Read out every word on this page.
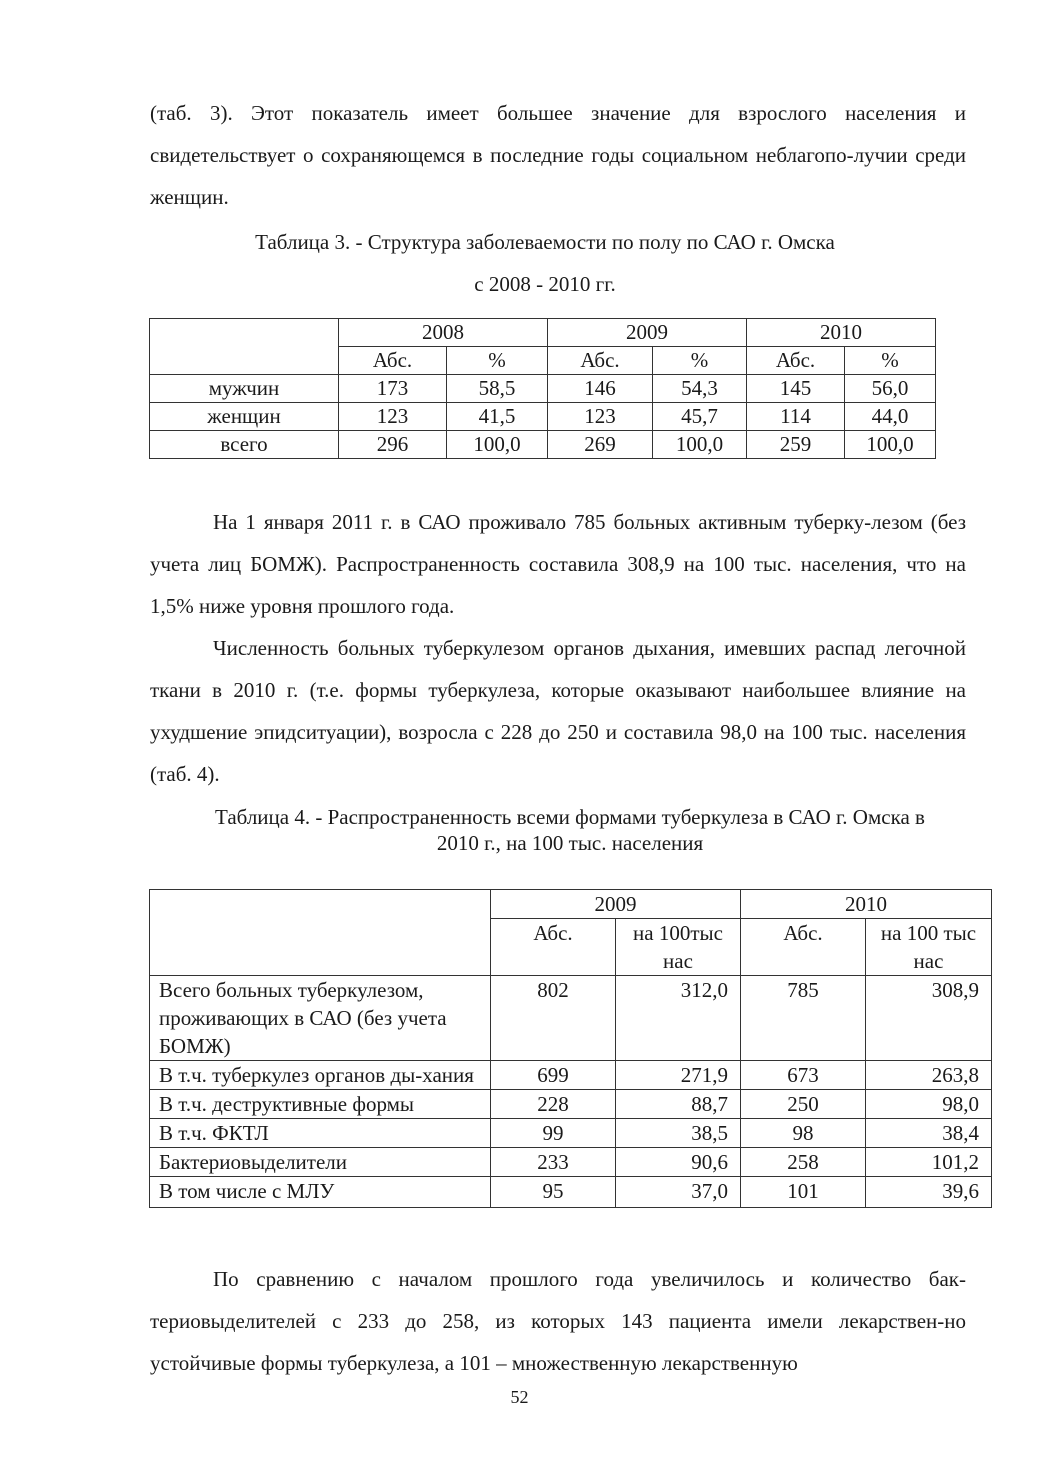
(таб. 3). Этот показатель имеет большее значение для взрослого населения и свидетельствует о сохраняющемся в последние годы социальном неблагопо-лучии среди женщин.

Таблица 3. - Структура заболеваемости по полу по САО г. Омска
с 2008 - 2010 гг.
	2008		2009		2010	
	Абс.	%	Абс.	%	Абс.	%
мужчин	173	58,5	146	54,3	145	56,0
женщин	123	41,5	123	45,7	114	44,0
всего	296	100,0	269	100,0	259	100,0

На 1 января 2011 г. в САО проживало 785 больных активным туберку-лезом (без учета лиц БОМЖ). Распространенность составила 308,9 на 100 тыс. населения, что на 1,5% ниже уровня прошлого года.

Численность больных туберкулезом органов дыхания, имевших распад легочной ткани в 2010 г. (т.е. формы туберкулеза, которые оказывают наибольшее влияние на ухудшение эпидситуации), возросла с 228 до 250 и составила 98,0 на 100 тыс. населения (таб. 4).

Таблица 4. - Распространенность всеми формами туберкулеза в САО г. Омска в
2010 г., на 100 тыс. населения
	2009		2010	
	Абс.	на 100тыс нас	Абс.	на 100 тыс нас
Всего больных туберкулезом, проживающих в САО (без учета БОМЖ)	802	312,0	785	308,9
В т.ч. туберкулез органов ды-хания	699	271,9	673	263,8
В т.ч. деструктивные формы	228	88,7	250	98,0
В т.ч. ФКТЛ	99	38,5	98	38,4
Бактериовыделители	233	90,6	258	101,2
В том числе с МЛУ	95	37,0	101	39,6

По сравнению с началом прошлого года увеличилось и количество бак-териовыделителей с 233 до 258, из которых 143 пациента имели лекарствен-но устойчивые формы туберкулеза, а 101 – множественную лекарственную

52
